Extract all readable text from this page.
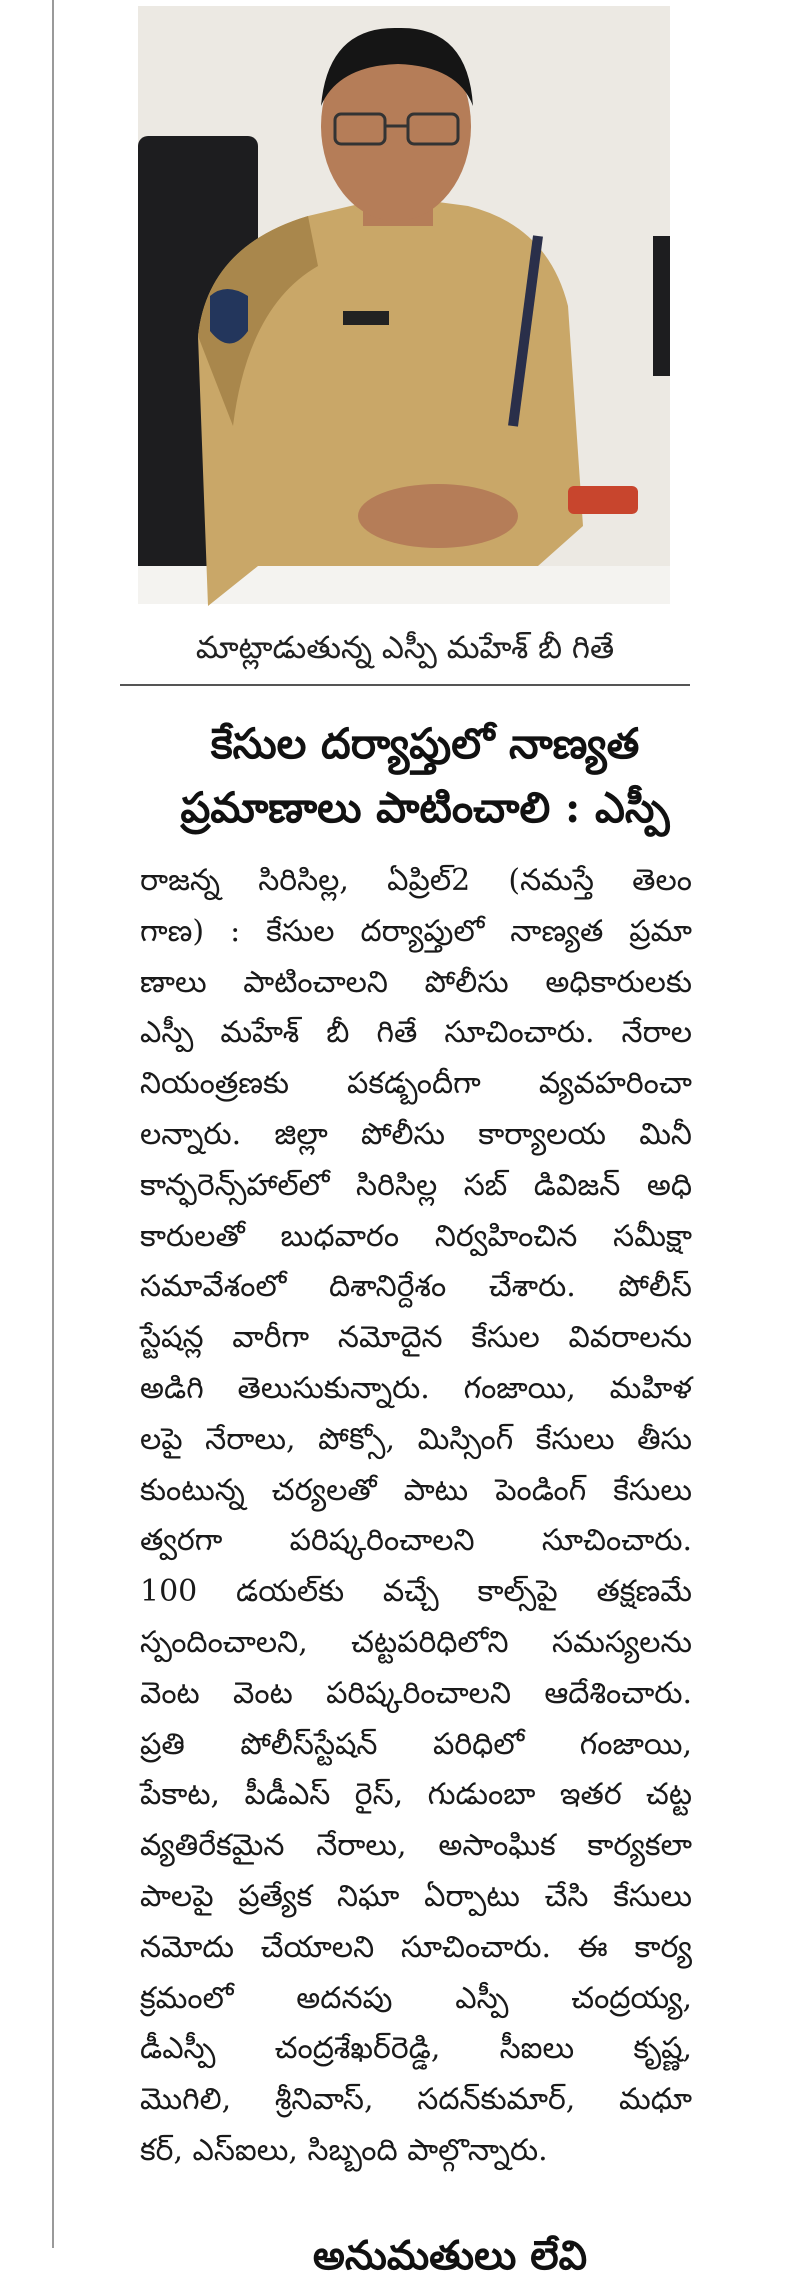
మాట్లాడుతున్న ఎస్పీ మహేశ్ బీ గితే
కేసుల దర్యాప్తులో నాణ్యత
ప్రమాణాలు పాటించాలి : ఎస్పీ
రాజన్న సిరిసిల్ల, ఏప్రిల్2 (నమస్తే తెలం
గాణ) : కేసుల దర్యాప్తులో నాణ్యత ప్రమా
ణాలు పాటించాలని పోలీసు అధికారులకు
ఎస్పీ మహేశ్ బీ గితే సూచించారు. నేరాల
నియంత్రణకు పకడ్బందీగా వ్యవహరించా
లన్నారు. జిల్లా పోలీసు కార్యాలయ మినీ
కాన్ఫరెన్స్‌హాల్‌లో సిరిసిల్ల సబ్ డివిజన్ అధి
కారులతో బుధవారం నిర్వహించిన సమీక్షా
సమావేశంలో దిశానిర్దేశం చేశారు. పోలీస్
స్టేషన్ల వారీగా నమోదైన కేసుల వివరాలను
అడిగి తెలుసుకున్నారు. గంజాయి, మహిళ
లపై నేరాలు, పోక్సో, మిస్సింగ్ కేసులు తీసు
కుంటున్న చర్యలతో పాటు పెండింగ్ కేసులు
త్వరగా పరిష్కరించాలని సూచించారు.
100 డయల్‌కు వచ్చే కాల్స్‌పై తక్షణమే
స్పందించాలని, చట్టపరిధిలోని సమస్యలను
వెంట వెంట పరిష్కరించాలని ఆదేశించారు.
ప్రతి పోలీస్‌స్టేషన్ పరిధిలో గంజాయి,
పేకాట, పీడీఎస్ రైస్, గుడుంబా ఇతర చట్ట
వ్యతిరేకమైన నేరాలు, అసాంఘిక కార్యకలా
పాలపై ప్రత్యేక నిఘా ఏర్పాటు చేసి కేసులు
నమోదు చేయాలని సూచించారు. ఈ కార్య
క్రమంలో అదనపు ఎస్పీ చంద్రయ్య,
డీఎస్పీ చంద్రశేఖర్‌రెడ్డి, సీఐలు కృష్ణ,
మొగిలి, శ్రీనివాస్, సదన్‌కుమార్, మధూ
కర్, ఎస్ఐలు, సిబ్బంది పాల్గొన్నారు.
అనుమతులు లేవి
